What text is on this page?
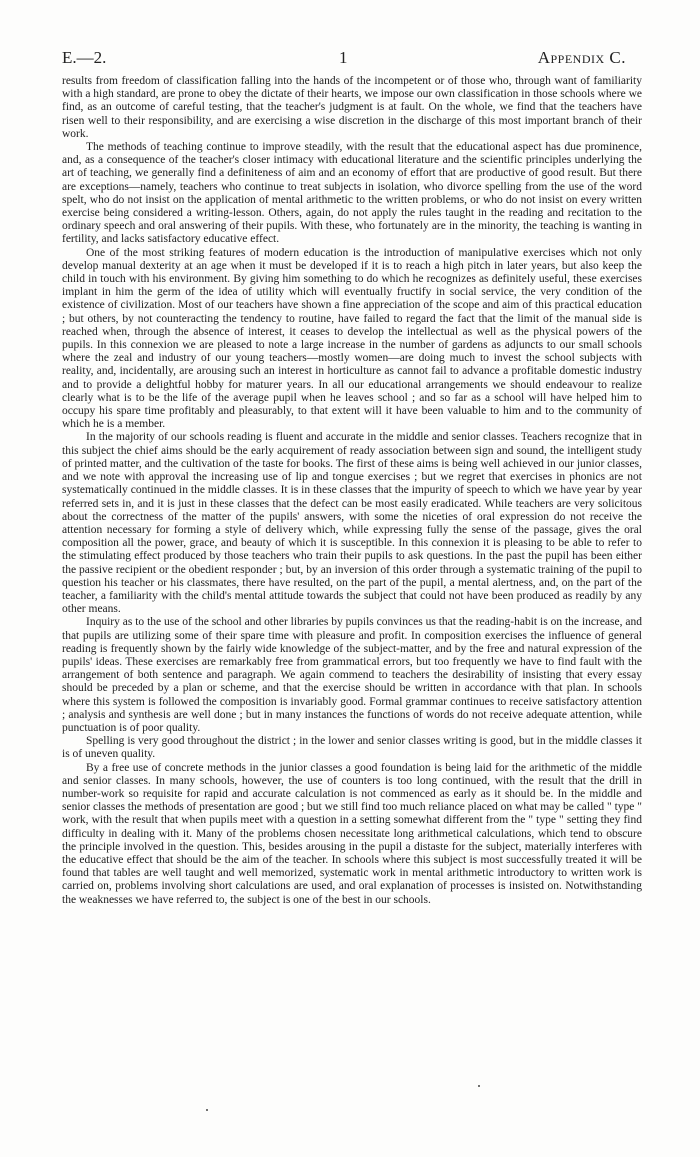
E.—2.	1	Appendix C.

results from freedom of classification falling into the hands of the incompetent or of those who, through want of familiarity with a high standard, are prone to obey the dictate of their hearts, we impose our own classification in those schools where we find, as an outcome of careful testing, that the teacher's judgment is at fault. On the whole, we find that the teachers have risen well to their responsibility, and are exercising a wise discretion in the discharge of this most important branch of their work.

The methods of teaching continue to improve steadily, with the result that the educational aspect has due prominence, and, as a consequence of the teacher's closer intimacy with educational literature and the scientific principles underlying the art of teaching, we generally find a definiteness of aim and an economy of effort that are productive of good result. But there are exceptions—namely, teachers who continue to treat subjects in isolation, who divorce spelling from the use of the word spelt, who do not insist on the application of mental arithmetic to the written problems, or who do not insist on every written exercise being considered a writing-lesson. Others, again, do not apply the rules taught in the reading and recitation to the ordinary speech and oral answering of their pupils. With these, who fortunately are in the minority, the teaching is wanting in fertility, and lacks satisfactory educative effect.

One of the most striking features of modern education is the introduction of manipulative exercises which not only develop manual dexterity at an age when it must be developed if it is to reach a high pitch in later years, but also keep the child in touch with his environment. By giving him something to do which he recognizes as definitely useful, these exercises implant in him the germ of the idea of utility which will eventually fructify in social service, the very condition of the existence of civilization. Most of our teachers have shown a fine appreciation of the scope and aim of this practical education ; but others, by not counteracting the tendency to routine, have failed to regard the fact that the limit of the manual side is reached when, through the absence of interest, it ceases to develop the intellectual as well as the physical powers of the pupils. In this connexion we are pleased to note a large increase in the number of gardens as adjuncts to our small schools where the zeal and industry of our young teachers—mostly women—are doing much to invest the school subjects with reality, and, incidentally, are arousing such an interest in horticulture as cannot fail to advance a profitable domestic industry and to provide a delightful hobby for maturer years. In all our educational arrangements we should endeavour to realize clearly what is to be the life of the average pupil when he leaves school ; and so far as a school will have helped him to occupy his spare time profitably and pleasurably, to that extent will it have been valuable to him and to the community of which he is a member.

In the majority of our schools reading is fluent and accurate in the middle and senior classes. Teachers recognize that in this subject the chief aims should be the early acquirement of ready association between sign and sound, the intelligent study of printed matter, and the cultivation of the taste for books. The first of these aims is being well achieved in our junior classes, and we note with approval the increasing use of lip and tongue exercises ; but we regret that exercises in phonics are not systematically continued in the middle classes. It is in these classes that the impurity of speech to which we have year by year referred sets in, and it is just in these classes that the defect can be most easily eradicated. While teachers are very solicitous about the correctness of the matter of the pupils' answers, with some the niceties of oral expression do not receive the attention necessary for forming a style of delivery which, while expressing fully the sense of the passage, gives the oral composition all the power, grace, and beauty of which it is susceptible. In this connexion it is pleasing to be able to refer to the stimulating effect produced by those teachers who train their pupils to ask questions. In the past the pupil has been either the passive recipient or the obedient responder ; but, by an inversion of this order through a systematic training of the pupil to question his teacher or his classmates, there have resulted, on the part of the pupil, a mental alertness, and, on the part of the teacher, a familiarity with the child's mental attitude towards the subject that could not have been produced as readily by any other means.

Inquiry as to the use of the school and other libraries by pupils convinces us that the reading-habit is on the increase, and that pupils are utilizing some of their spare time with pleasure and profit. In composition exercises the influence of general reading is frequently shown by the fairly wide knowledge of the subject-matter, and by the free and natural expression of the pupils' ideas. These exercises are remarkably free from grammatical errors, but too frequently we have to find fault with the arrangement of both sentence and paragraph. We again commend to teachers the desirability of insisting that every essay should be preceded by a plan or scheme, and that the exercise should be written in accordance with that plan. In schools where this system is followed the composition is invariably good. Formal grammar continues to receive satisfactory attention ; analysis and synthesis are well done ; but in many instances the functions of words do not receive adequate attention, while punctuation is of poor quality.

Spelling is very good throughout the district ; in the lower and senior classes writing is good, but in the middle classes it is of uneven quality.

By a free use of concrete methods in the junior classes a good foundation is being laid for the arithmetic of the middle and senior classes. In many schools, however, the use of counters is too long continued, with the result that the drill in number-work so requisite for rapid and accurate calculation is not commenced as early as it should be. In the middle and senior classes the methods of presentation are good ; but we still find too much reliance placed on what may be called " type " work, with the result that when pupils meet with a question in a setting somewhat different from the " type " setting they find difficulty in dealing with it. Many of the problems chosen necessitate long arithmetical calculations, which tend to obscure the principle involved in the question. This, besides arousing in the pupil a distaste for the subject, materially interferes with the educative effect that should be the aim of the teacher. In schools where this subject is most successfully treated it will be found that tables are well taught and well memorized, systematic work in mental arithmetic introductory to written work is carried on, problems involving short calculations are used, and oral explanation of processes is insisted on. Notwithstanding the weaknesses we have referred to, the subject is one of the best in our schools.
